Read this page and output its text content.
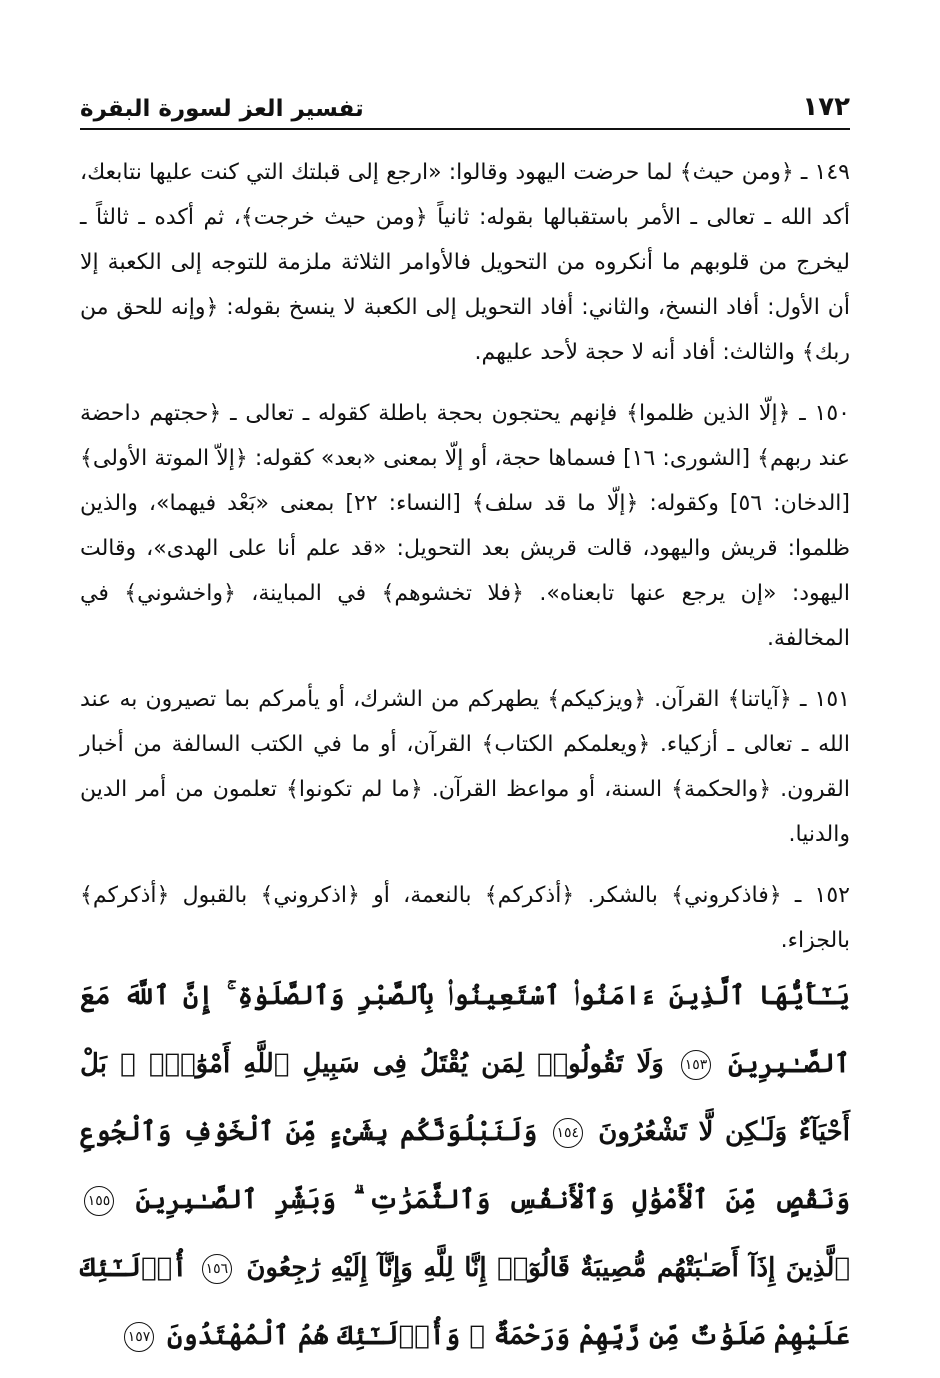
١٧٢
تفسير العز لسورة البقرة

١٤٩ ـ ﴿ومن حيث﴾ لما حرضت اليهود وقالوا: «ارجع إلى قبلتك التي كنت عليها نتابعك، أكد الله ـ تعالى ـ الأمر باستقبالها بقوله: ثانياً ﴿ومن حيث خرجت﴾، ثم أكده ـ ثالثاً ـ ليخرج من قلوبهم ما أنكروه من التحويل فالأوامر الثلاثة ملزمة للتوجه إلى الكعبة إلا أن الأول: أفاد النسخ، والثاني: أفاد التحويل إلى الكعبة لا ينسخ بقوله: ﴿وإنه للحق من ربك﴾ والثالث: أفاد أنه لا حجة لأحد عليهم.

١٥٠ ـ ﴿إلّا الذين ظلموا﴾ فإنهم يحتجون بحجة باطلة كقوله ـ تعالى ـ ﴿حجتهم داحضة عند ربهم﴾ [الشورى: ١٦] فسماها حجة، أو إلّا بمعنى «بعد» كقوله: ﴿إلاّ الموتة الأولى﴾ [الدخان: ٥٦] وكقوله: ﴿إلّا ما قد سلف﴾ [النساء: ٢٢] بمعنى «بَعْد فيهما»، والذين ظلموا: قريش واليهود، قالت قريش بعد التحويل: «قد علم أنا على الهدى»، وقالت اليهود: «إن يرجع عنها تابعناه». ﴿فلا تخشوهم﴾ في المباينة، ﴿واخشوني﴾ في المخالفة.

١٥١ ـ ﴿آياتنا﴾ القرآن. ﴿ويزكيكم﴾ يطهركم من الشرك، أو يأمركم بما تصيرون به عند الله ـ تعالى ـ أزكياء. ﴿ويعلمكم الكتاب﴾ القرآن، أو ما في الكتب السالفة من أخبار القرون. ﴿والحكمة﴾ السنة، أو مواعظ القرآن. ﴿ما لم تكونوا﴾ تعلمون من أمر الدين والدنيا.

١٥٢ ـ ﴿فاذكروني﴾ بالشكر. ﴿أذكركم﴾ بالنعمة، أو ﴿اذكروني﴾ بالقبول ﴿أذكركم﴾ بالجزاء.

يَـٰٓأَيُّهَا ٱلَّذِينَ ءَامَنُوا۟ ٱسْتَعِينُوا۟ بِٱلصَّبْرِ وَٱلصَّلَوٰةِ ۚ إِنَّ ٱللَّهَ مَعَ ٱلصَّـٰبِرِينَ ١٥٣ وَلَا تَقُولُوا۟ لِمَن يُقْتَلُ فِى سَبِيلِ ٱللَّهِ أَمْوَٰتٌۢ ۚ بَلْ أَحْيَآءٌ وَلَـٰكِن لَّا تَشْعُرُونَ ١٥٤ وَلَنَبْلُوَنَّكُم بِشَىْءٍ مِّنَ ٱلْخَوْفِ وَٱلْجُوعِ وَنَقْصٍ مِّنَ ٱلْأَمْوَٰلِ وَٱلْأَنفُسِ وَٱلثَّمَرَٰتِ ۗ وَبَشِّرِ ٱلصَّـٰبِرِينَ ١٥٥ ٱلَّذِينَ إِذَآ أَصَـٰبَتْهُم مُّصِيبَةٌ قَالُوٓا۟ إِنَّا لِلَّهِ وَإِنَّآ إِلَيْهِ رَٰجِعُونَ ١٥٦ أُو۟لَـٰٓئِكَ عَلَيْهِمْ صَلَوَٰتٌ مِّن رَّبِّهِمْ وَرَحْمَةٌ ۖ وَأُو۟لَـٰٓئِكَ هُمُ ٱلْمُهْتَدُونَ ١٥٧
